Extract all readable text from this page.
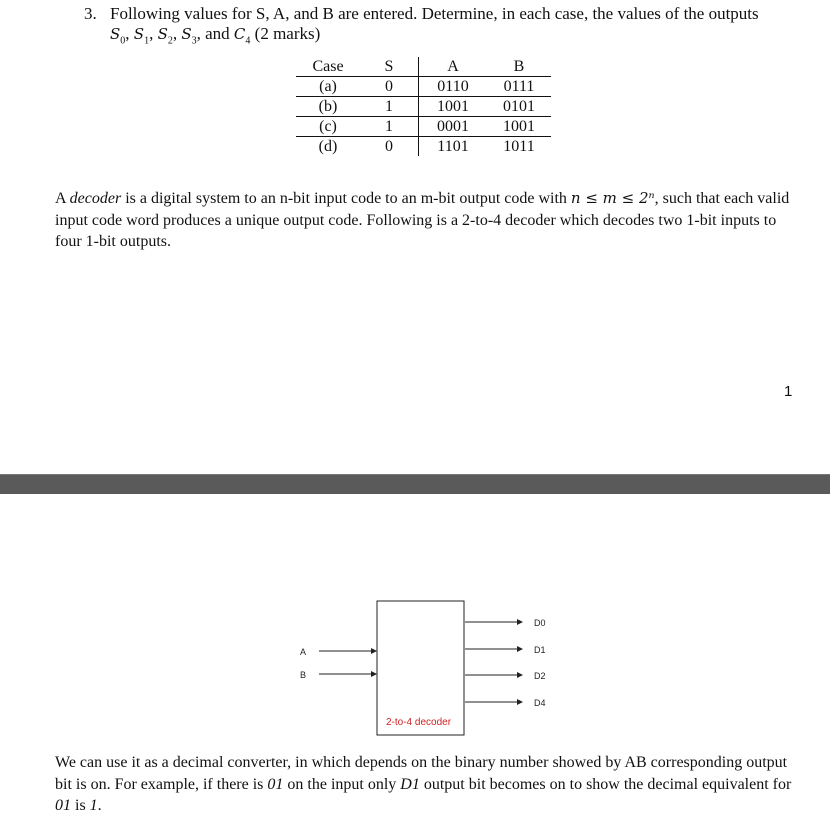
3. Following values for S, A, and B are entered. Determine, in each case, the values of the outputs
$S_0$, $S_1$, $S_2$, $S_3$, and $C_4$ (2 marks)
Case	S	A	B
(a)	0	0110	0111
(b)	1	1001	0101
(c)	1	0001	1001
(d)	0	1101	1011
A decoder is a digital system to an n-bit input code to an m-bit output code with n ≤ m ≤ 2ⁿ, such that each valid input code word produces a unique output code. Following is a 2-to-4 decoder which decodes two 1-bit inputs to four 1-bit outputs.
1
2-to-4 decoder
A
B
D0
D1
D2
D4
We can use it as a decimal converter, in which depends on the binary number showed by AB corresponding output bit is on. For example, if there is 01 on the input only D1 output bit becomes on to show the decimal equivalent for 01 is 1.
